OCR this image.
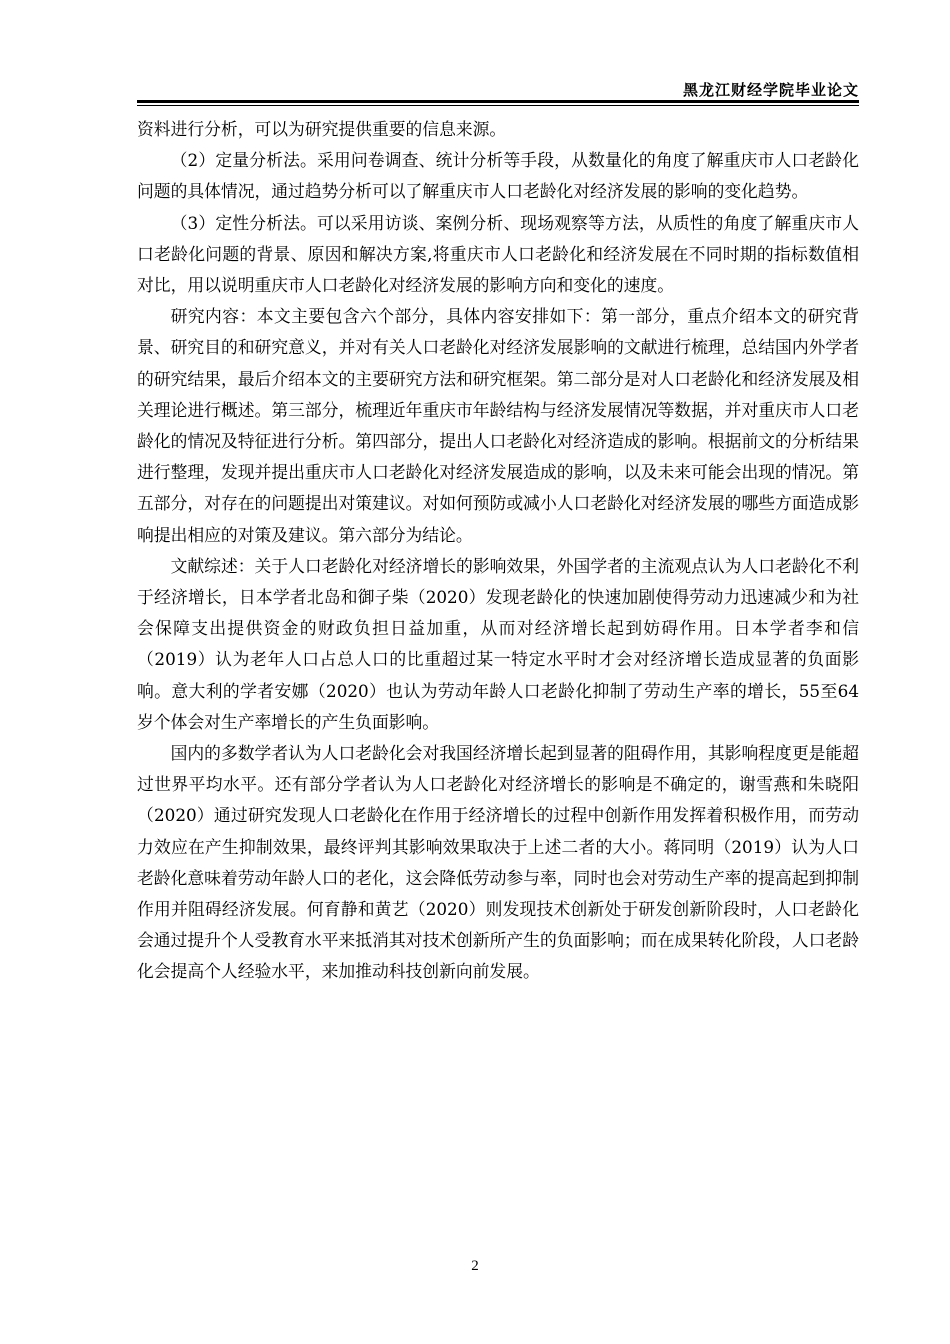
黑龙江财经学院毕业论文

资料进行分析，可以为研究提供重要的信息来源。

（2）定量分析法。采用问卷调查、统计分析等手段，从数量化的角度了解重庆市人口老龄化问题的具体情况，通过趋势分析可以了解重庆市人口老龄化对经济发展的影响的变化趋势。

（3）定性分析法。可以采用访谈、案例分析、现场观察等方法，从质性的角度了解重庆市人口老龄化问题的背景、原因和解决方案,将重庆市人口老龄化和经济发展在不同时期的指标数值相对比，用以说明重庆市人口老龄化对经济发展的影响方向和变化的速度。

研究内容：本文主要包含六个部分，具体内容安排如下：第一部分，重点介绍本文的研究背景、研究目的和研究意义，并对有关人口老龄化对经济发展影响的文献进行梳理，总结国内外学者的研究结果，最后介绍本文的主要研究方法和研究框架。第二部分是对人口老龄化和经济发展及相关理论进行概述。第三部分，梳理近年重庆市年龄结构与经济发展情况等数据，并对重庆市人口老龄化的情况及特征进行分析。第四部分，提出人口老龄化对经济造成的影响。根据前文的分析结果进行整理，发现并提出重庆市人口老龄化对经济发展造成的影响，以及未来可能会出现的情况。第五部分，对存在的问题提出对策建议。对如何预防或减小人口老龄化对经济发展的哪些方面造成影响提出相应的对策及建议。第六部分为结论。

文献综述：关于人口老龄化对经济增长的影响效果，外国学者的主流观点认为人口老龄化不利于经济增长，日本学者北岛和御子柴（2020）发现老龄化的快速加剧使得劳动力迅速减少和为社会保障支出提供资金的财政负担日益加重，从而对经济增长起到妨碍作用。日本学者李和信（2019）认为老年人口占总人口的比重超过某一特定水平时才会对经济增长造成显著的负面影响。意大利的学者安娜（2020）也认为劳动年龄人口老龄化抑制了劳动生产率的增长，55至64岁个体会对生产率增长的产生负面影响。

国内的多数学者认为人口老龄化会对我国经济增长起到显著的阻碍作用，其影响程度更是能超过世界平均水平。还有部分学者认为人口老龄化对经济增长的影响是不确定的，谢雪燕和朱晓阳（2020）通过研究发现人口老龄化在作用于经济增长的过程中创新作用发挥着积极作用，而劳动力效应在产生抑制效果，最终评判其影响效果取决于上述二者的大小。蒋同明（2019）认为人口老龄化意味着劳动年龄人口的老化，这会降低劳动参与率，同时也会对劳动生产率的提高起到抑制作用并阻碍经济发展。何育静和黄艺（2020）则发现技术创新处于研发创新阶段时，人口老龄化会通过提升个人受教育水平来抵消其对技术创新所产生的负面影响；而在成果转化阶段，人口老龄化会提高个人经验水平，来加推动科技创新向前发展。

2
